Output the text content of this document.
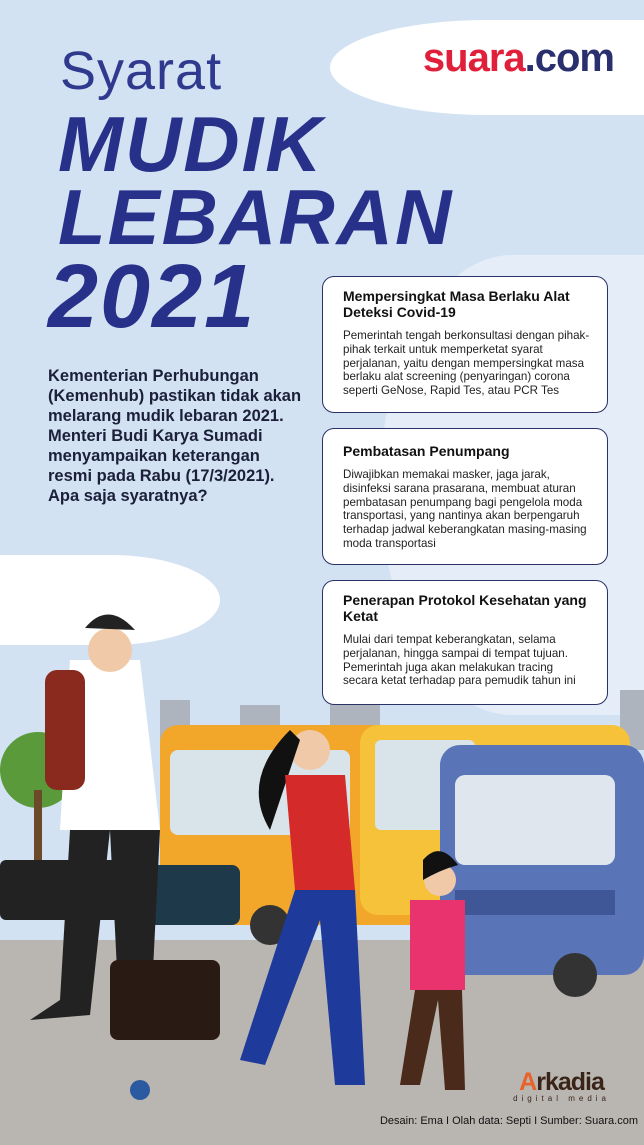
Syarat
MUDIK
LEBARAN
2021
suara.com
Kementerian Perhubungan (Kemenhub) pastikan tidak akan melarang mudik lebaran 2021.
Menteri Budi Karya Sumadi menyampaikan keterangan resmi pada Rabu (17/3/2021). Apa saja syaratnya?
Mempersingkat Masa Berlaku Alat Deteksi Covid-19

Pemerintah tengah berkonsultasi dengan pihak-pihak terkait untuk memperketat syarat perjalanan, yaitu dengan mempersingkat masa berlaku alat screening (penyaringan) corona seperti GeNose, Rapid Tes, atau PCR Tes

Pembatasan Penumpang

Diwajibkan memakai masker, jaga jarak, disinfeksi sarana prasarana, membuat aturan pembatasan penumpang bagi pengelola moda transportasi, yang nantinya akan berpengaruh terhadap jadwal keberangkatan masing-masing moda transportasi

Penerapan Protokol Kesehatan yang Ketat

Mulai dari tempat keberangkatan, selama perjalanan, hingga sampai di tempat tujuan. Pemerintah juga akan melakukan tracing secara ketat terhadap para pemudik tahun ini

Arkadia
digital media
Desain: Ema I Olah data: Septi I Sumber: Suara.com
